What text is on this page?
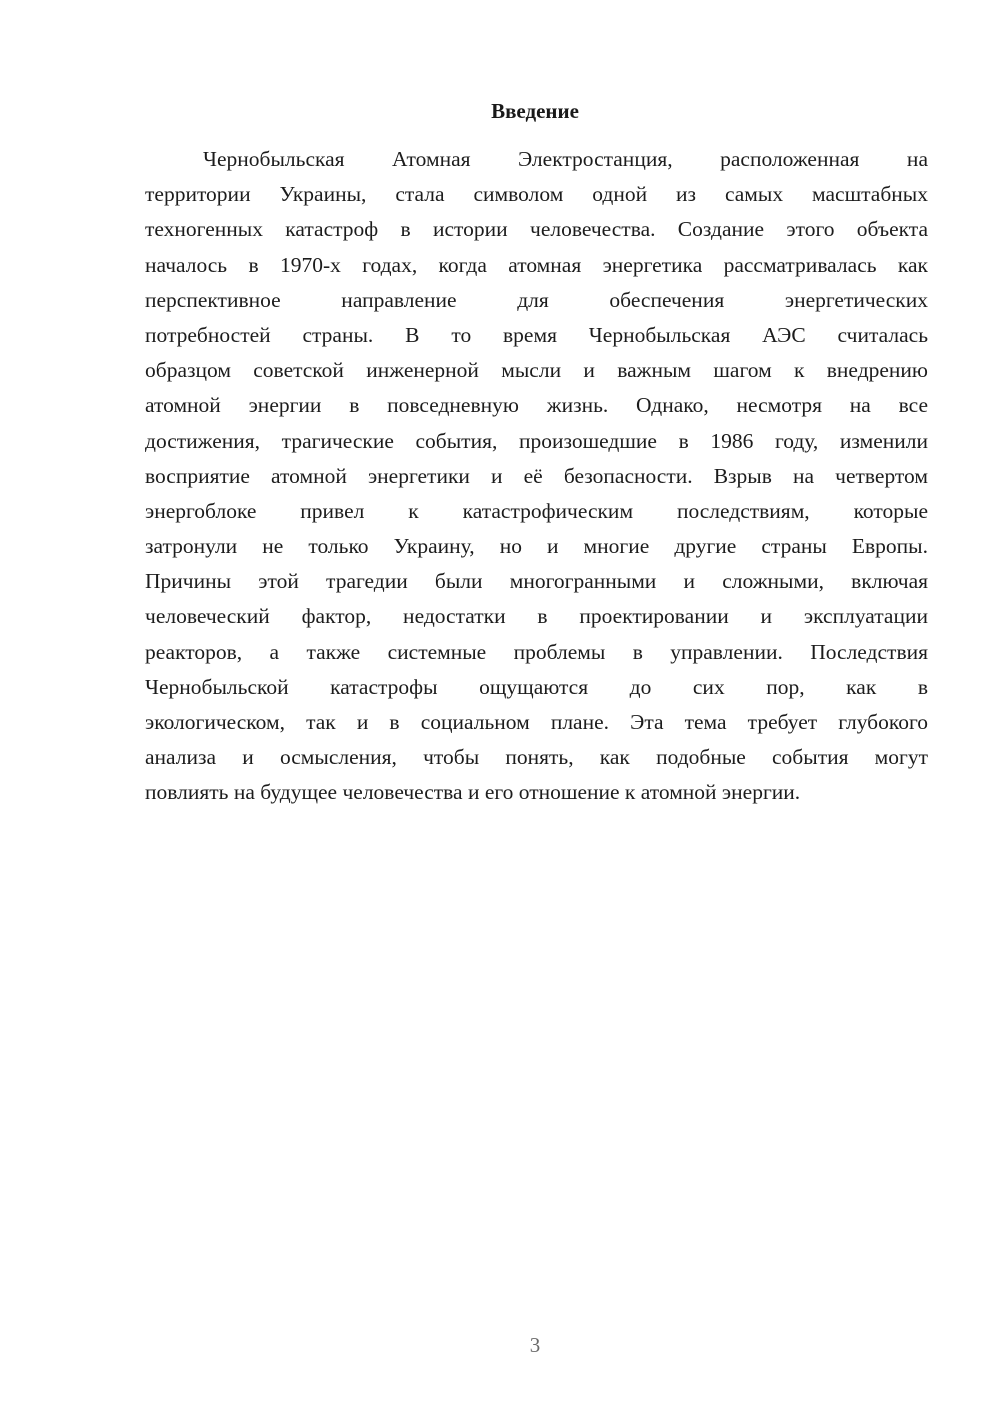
Введение
Чернобыльская Атомная Электростанция, расположенная на
территории Украины, стала символом одной из самых масштабных
техногенных катастроф в истории человечества. Создание этого объекта
началось в 1970-х годах, когда атомная энергетика рассматривалась как
перспективное направление для обеспечения энергетических
потребностей страны. В то время Чернобыльская АЭС считалась
образцом советской инженерной мысли и важным шагом к внедрению
атомной энергии в повседневную жизнь. Однако, несмотря на все
достижения, трагические события, произошедшие в 1986 году, изменили
восприятие атомной энергетики и её безопасности. Взрыв на четвертом
энергоблоке привел к катастрофическим последствиям, которые
затронули не только Украину, но и многие другие страны Европы.
Причины этой трагедии были многогранными и сложными, включая
человеческий фактор, недостатки в проектировании и эксплуатации
реакторов, а также системные проблемы в управлении. Последствия
Чернобыльской катастрофы ощущаются до сих пор, как в
экологическом, так и в социальном плане. Эта тема требует глубокого
анализа и осмысления, чтобы понять, как подобные события могут
повлиять на будущее человечества и его отношение к атомной энергии.
3
